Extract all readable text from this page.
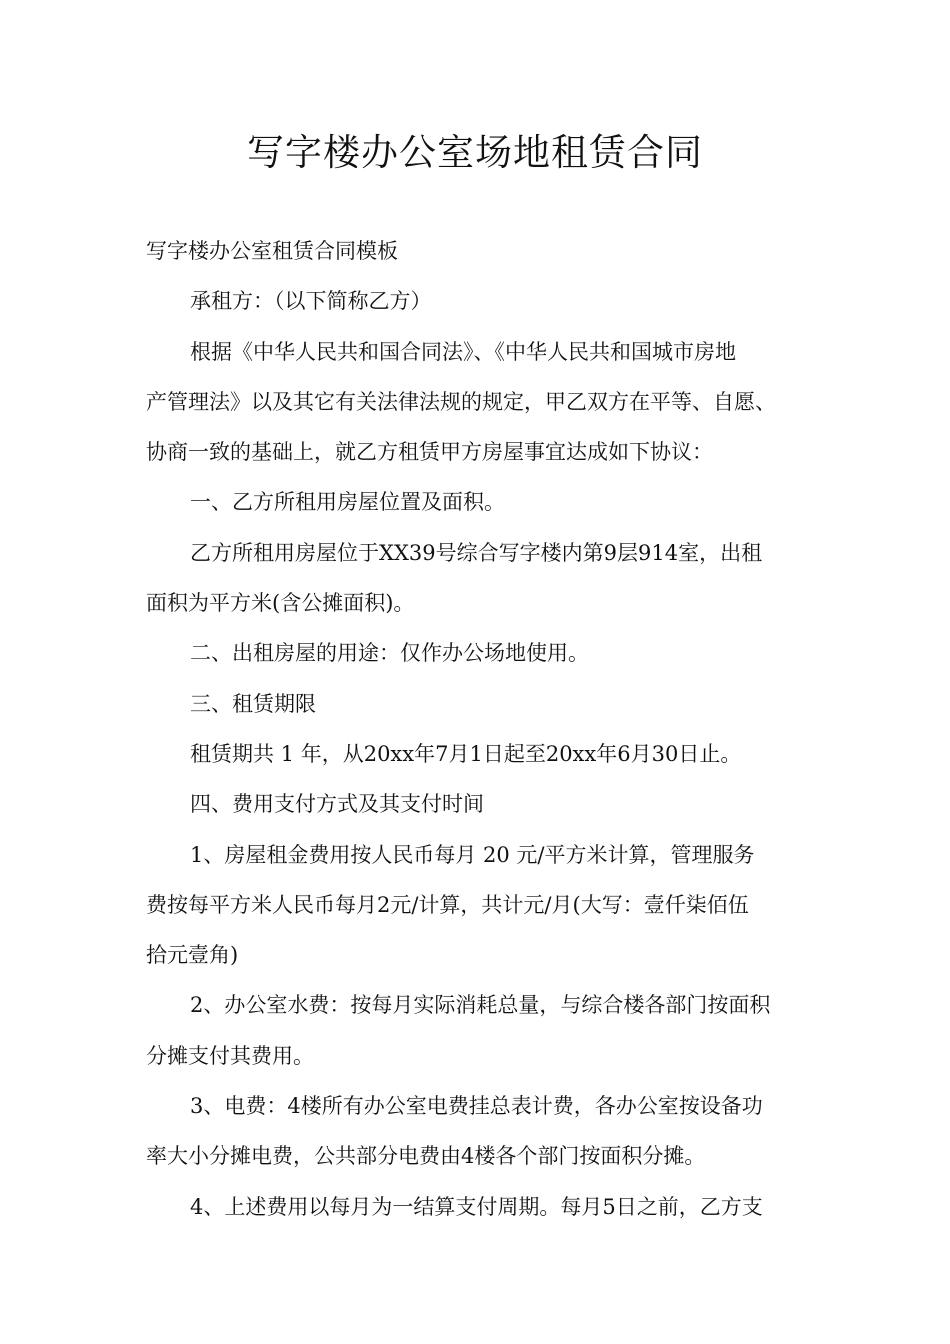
写字楼办公室场地租赁合同
写字楼办公室租赁合同模板
承租方：（以下简称乙方）
根据《中华人民共和国合同法》、《中华人民共和国城市房地
产管理法》以及其它有关法律法规的规定，甲乙双方在平等、自愿、
协商一致的基础上，就乙方租赁甲方房屋事宜达成如下协议：
一、乙方所租用房屋位置及面积。
乙方所租用房屋位于XX39号综合写字楼内第9层914室，出租
面积为平方米(含公摊面积)。
二、出租房屋的用途：仅作办公场地使用。
三、租赁期限
租赁期共 1 年，从20xx年7月1日起至20xx年6月30日止。
四、费用支付方式及其支付时间
1、房屋租金费用按人民币每月 20 元/平方米计算，管理服务
费按每平方米人民币每月2元/计算，共计元/月(大写：壹仟柒佰伍
拾元壹角)
2、办公室水费：按每月实际消耗总量，与综合楼各部门按面积
分摊支付其费用。
3、电费：4楼所有办公室电费挂总表计费，各办公室按设备功
率大小分摊电费，公共部分电费由4楼各个部门按面积分摊。
4、上述费用以每月为一结算支付周期。每月5日之前，乙方支
